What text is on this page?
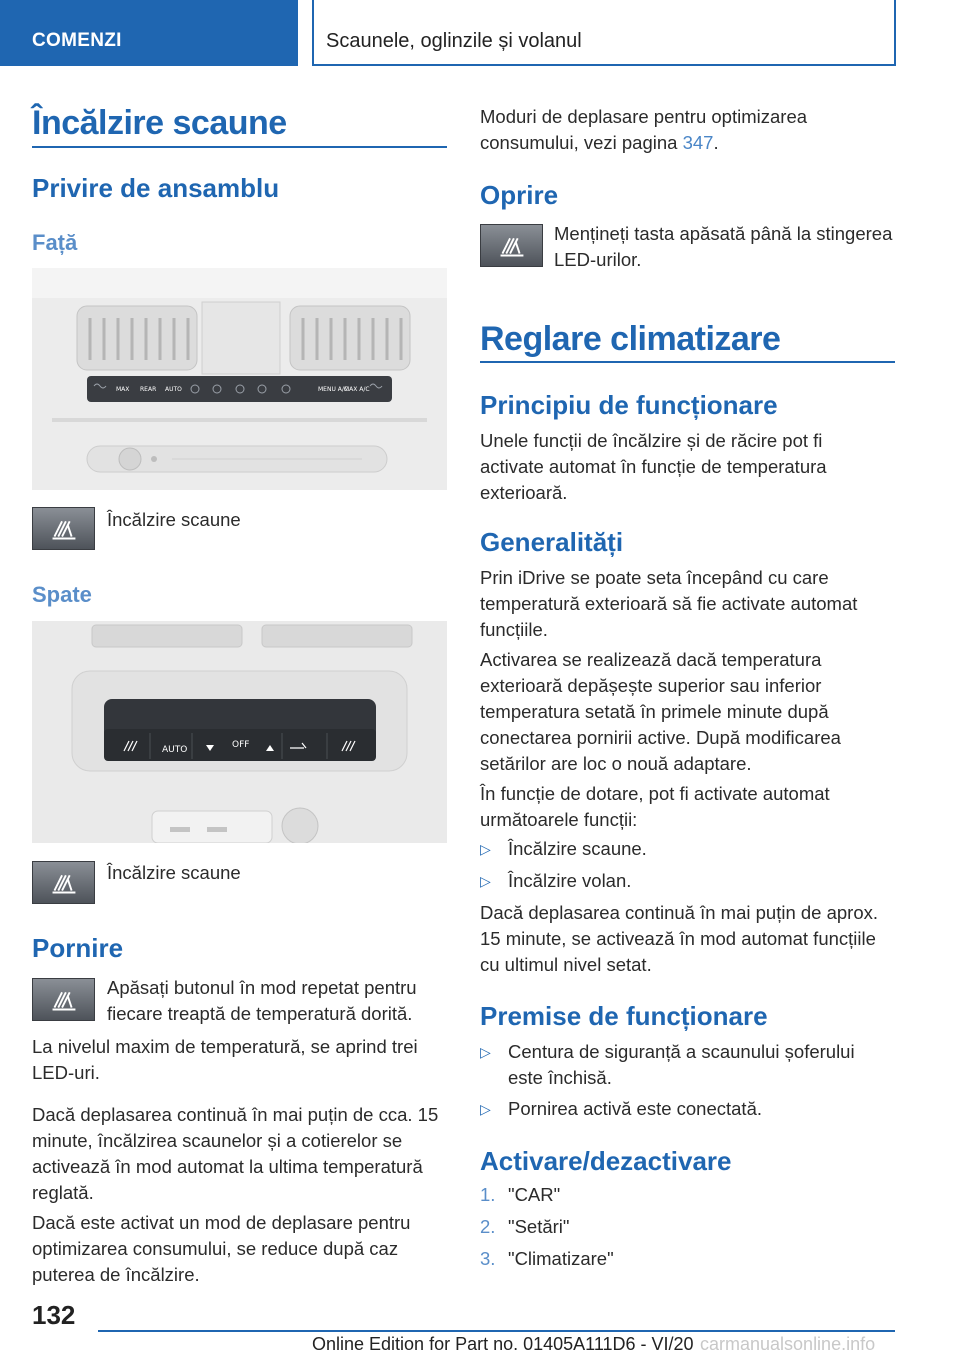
COMENZI	Scaunele, oglinzile și volanul
Încălzire scaune
Privire de ansamblu
Față
MAX REAR AUTO	MENU A/C
MAX A/C
Încălzire scaune
Spate
AUTO	OFF
Încălzire scaune
Pornire
Apăsați butonul în mod repetat pentru fiecare treaptă de temperatură dorită.
La nivelul maxim de temperatură, se aprind trei LED-uri.
Dacă deplasarea continuă în mai puțin de cca. 15 minute, încălzirea scaunelor și a cotierelor se activează în mod automat la ultima temperatură reglată.
Dacă este activat un mod de deplasare pentru optimizarea consumului, se reduce după caz puterea de încălzire.
Moduri de deplasare pentru optimizarea consumului, vezi pagina 347.
Oprire
Mențineți tasta apăsată până la stingerea LED-urilor.
Reglare climatizare
Principiu de funcționare
Unele funcții de încălzire și de răcire pot fi activate automat în funcție de temperatura exterioară.
Generalități
Prin iDrive se poate seta începând cu care temperatură exterioară să fie activate automat funcțiile.
Activarea se realizează dacă temperatura exterioară depășește superior sau inferior temperatura setată în primele minute după conectarea pornirii active. După modificarea setărilor are loc o nouă adaptare.
În funcție de dotare, pot fi activate automat următoarele funcții:
▷ Încălzire scaune.
▷ Încălzire volan.
Dacă deplasarea continuă în mai puțin de aprox. 15 minute, se activează în mod automat funcțiile cu ultimul nivel setat.
Premise de funcționare
▷ Centura de siguranță a scaunului șoferului este închisă.
▷ Pornirea activă este conectată.
Activare/dezactivare
1. "CAR"
2. "Setări"
3. "Climatizare"
132
Online Edition for Part no. 01405A111D6 - VI/20 carmanualsonline.info
